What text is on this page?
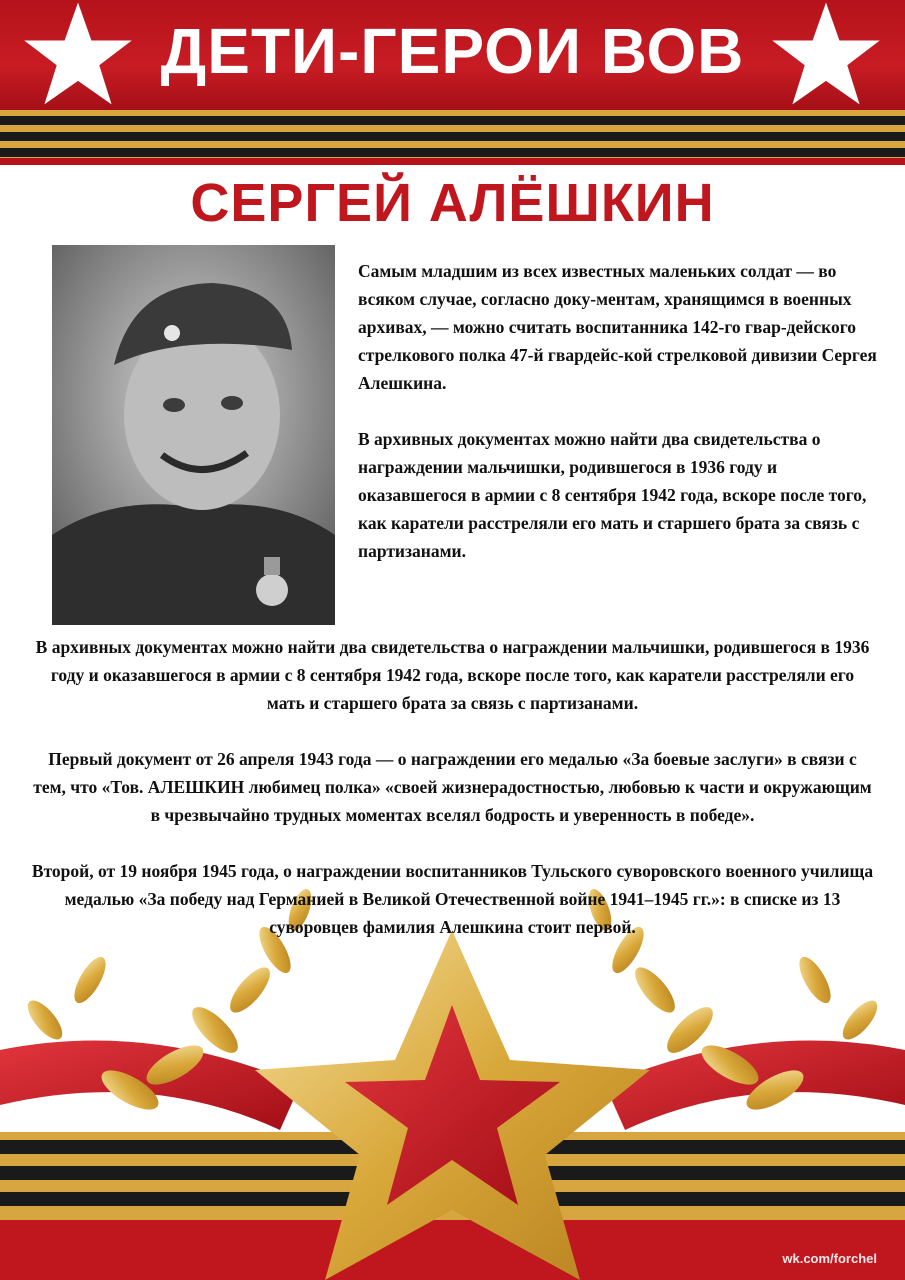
ДЕТИ-ГЕРОИ ВОВ
СЕРГЕЙ АЛЁШКИН

Самым младшим из всех известных маленьких солдат — во всяком случае, согласно доку-ментам, хранящимся в военных архивах, — можно считать воспитанника 142-го гвар-дейского стрелкового полка 47-й гвардейс-кой стрелковой дивизии Сергея Алешкина.

В архивных документах можно найти два свидетельства о награждении мальчишки, родившегося в 1936 году и оказавшегося в армии с 8 сентября 1942 года, вскоре после того, как каратели расстреляли его мать и старшего брата за связь с партизанами.

В архивных документах можно найти два свидетельства о награждении мальчишки, родившегося в 1936 году и оказавшегося в армии с 8 сентября 1942 года, вскоре после того, как каратели расстреляли его мать и старшего брата за связь с партизанами.

Первый документ от 26 апреля 1943 года — о награждении его медалью «За боевые заслуги» в связи с тем, что «Тов. АЛЕШКИН любимец полка» «своей жизнерадостностью, любовью к части и окружающим в чрезвычайно трудных моментах вселял бодрость и уверенность в победе».

Второй, от 19 ноября 1945 года, о награждении воспитанников Тульского суворовского военного училища медалью «За победу над Германией в Великой Отечественной войне 1941–1945 гг.»: в списке из 13 суворовцев фамилия Алешкина стоит первой.

wk.com/forchel
